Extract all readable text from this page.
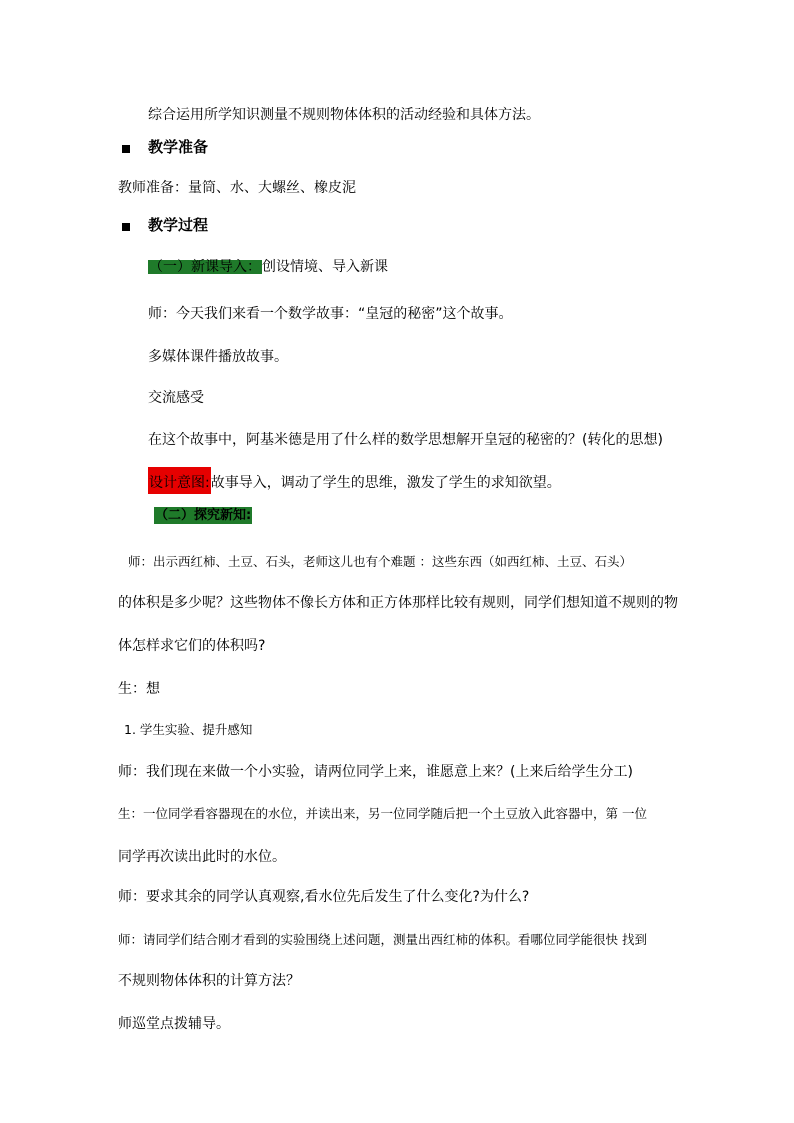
综合运用所学知识测量不规则物体体积的活动经验和具体方法。
教学准备
教师准备：量筒、水、大螺丝、橡皮泥
教学过程
（一）新课导入：创设情境、导入新课
师：今天我们来看一个数学故事：“皇冠的秘密”这个故事。
多媒体课件播放故事。
交流感受
在这个故事中，阿基米德是用了什么样的数学思想解开皇冠的秘密的？(转化的思想)
设计意图:故事导入，调动了学生的思维，激发了学生的求知欲望。
（二）探究新知:
师：出示西红柿、土豆、石头，老师这儿也有个难题 ：这些东西（如西红柿、土豆、石头）
的体积是多少呢？这些物体不像长方体和正方体那样比较有规则，同学们想知道不规则的物
体怎样求它们的体积吗?
生：想
1. 学生实验、提升感知
师：我们现在来做一个小实验，请两位同学上来，谁愿意上来？(上来后给学生分工)
生：一位同学看容器现在的水位，并读出来，另一位同学随后把一个土豆放入此容器中，第 一位
同学再次读出此时的水位。
师：要求其余的同学认真观察,看水位先后发生了什么变化?为什么?
师：请同学们结合刚才看到的实验围绕上述问题，测量出西红柿的体积。看哪位同学能很快 找到
不规则物体体积的计算方法？
师巡堂点拨辅导。
